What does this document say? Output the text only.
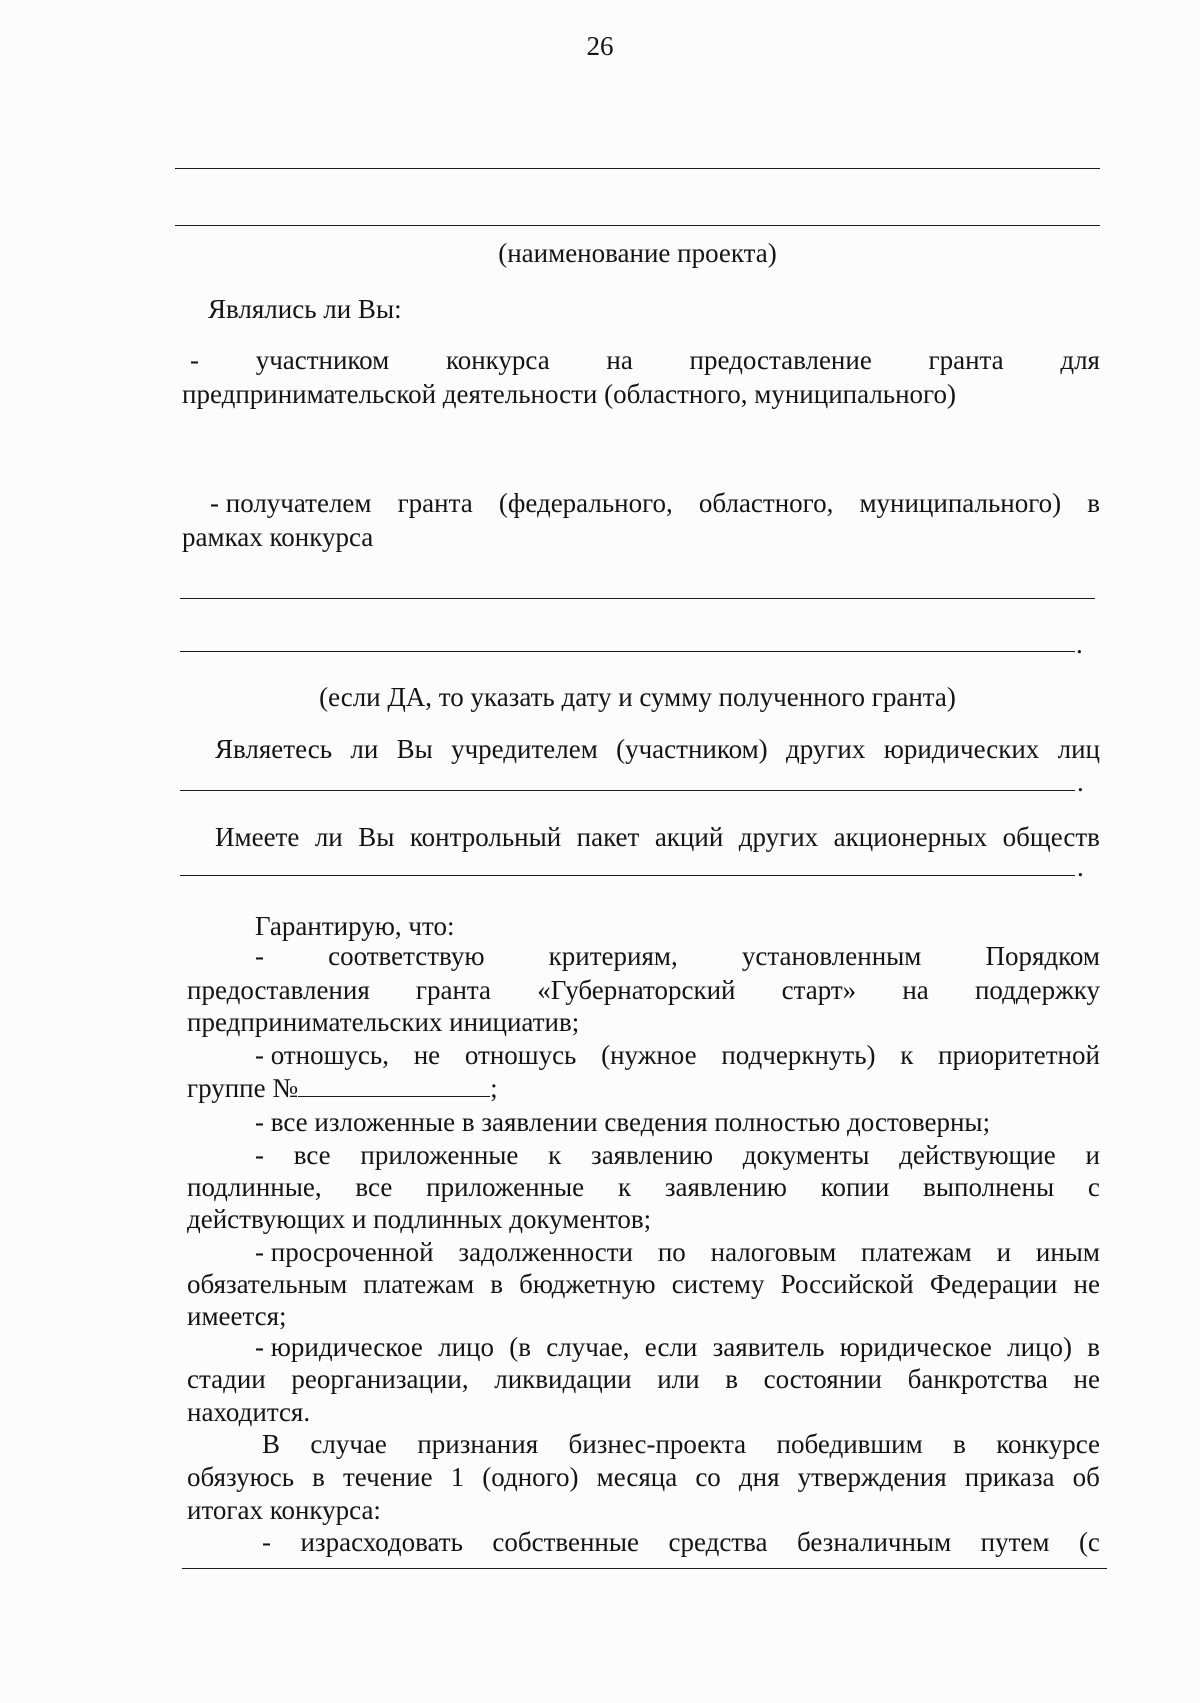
26
(наименование проекта)
Являлись ли Вы:
- участником конкурса на предоставление гранта для
предпринимательской деятельности (областного, муниципального)
- получателем гранта (федерального, областного, муниципального) в
рамках конкурса
.
(если ДА, то указать дату и сумму полученного гранта)
Являетесь ли Вы учредителем (участником) других юридических лиц
.
Имеете ли Вы контрольный пакет акций других акционерных обществ
.
Гарантирую, что:
- соответствую критериям, установленным Порядком
предоставления гранта «Губернаторский старт» на поддержку
предпринимательских инициатив;
- отношусь, не отношусь (нужное подчеркнуть) к приоритетной
группе №	;
- все изложенные в заявлении сведения полностью достоверны;
- все приложенные к заявлению документы действующие и
подлинные, все приложенные к заявлению копии выполнены с
действующих и подлинных документов;
- просроченной задолженности по налоговым платежам и иным
обязательным платежам в бюджетную систему Российской Федерации не
имеется;
- юридическое лицо (в случае, если заявитель юридическое лицо) в
стадии реорганизации, ликвидации или в состоянии банкротства не
находится.
В случае признания бизнес-проекта победившим в конкурсе
обязуюсь в течение 1 (одного) месяца со дня утверждения приказа об
итогах конкурса:
- израсходовать собственные средства безналичным путем (с
